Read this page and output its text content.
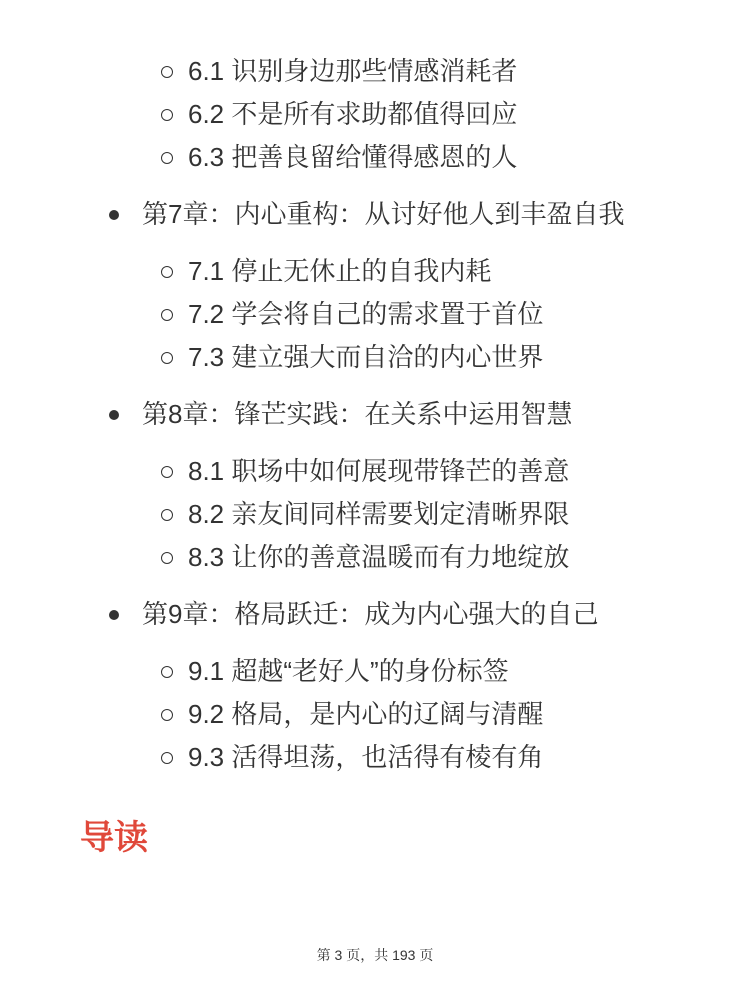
6.1 识别身边那些情感消耗者
6.2 不是所有求助都值得回应
6.3 把善良留给懂得感恩的人
第7章：内心重构：从讨好他人到丰盈自我
7.1 停止无休止的自我内耗
7.2 学会将自己的需求置于首位
7.3 建立强大而自洽的内心世界
第8章：锋芒实践：在关系中运用智慧
8.1 职场中如何展现带锋芒的善意
8.2 亲友间同样需要划定清晰界限
8.3 让你的善意温暖而有力地绽放
第9章：格局跃迁：成为内心强大的自己
9.1 超越“老好人”的身份标签
9.2 格局，是内心的辽阔与清醒
9.3 活得坦荡，也活得有棱有角
导读
第 3 页，共 193 页
